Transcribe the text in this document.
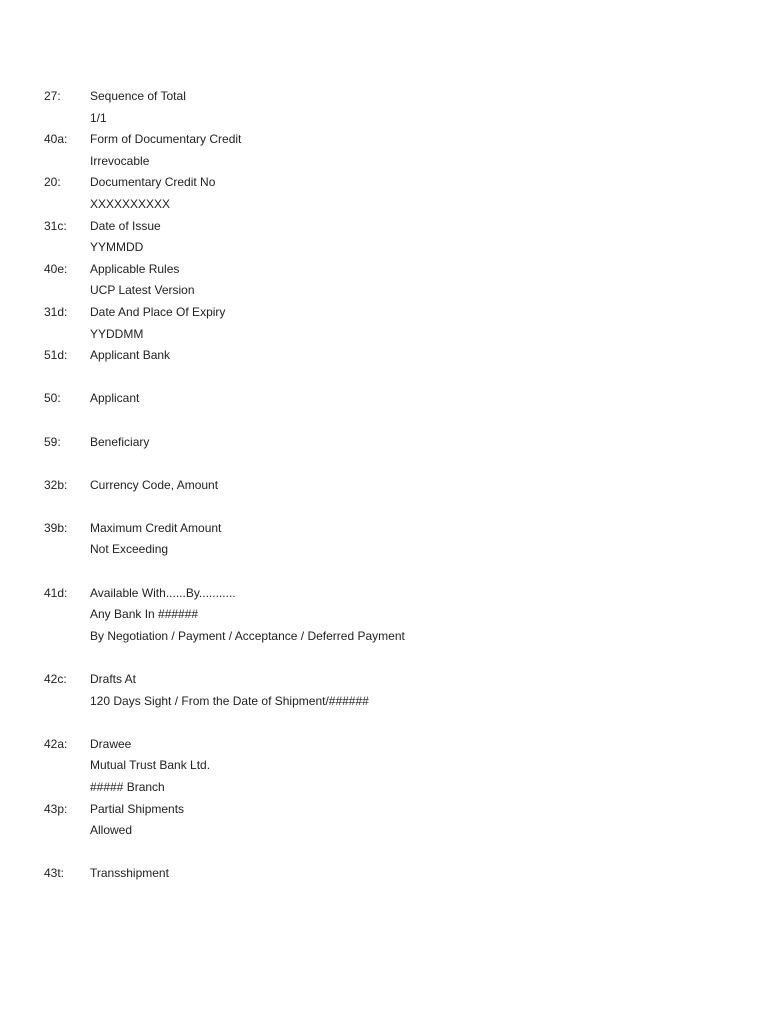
27:	Sequence of Total
1/1
40a:	Form of Documentary Credit
Irrevocable
20:	Documentary Credit No
XXXXXXXXXX
31c:	Date of Issue
YYMMDD
40e:	Applicable Rules
UCP Latest Version
31d:	Date And Place Of Expiry
YYDDMM
51d:	Applicant Bank
50:	Applicant
59:	Beneficiary
32b:	Currency Code, Amount
39b:	Maximum Credit Amount
Not Exceeding
41d:	Available With......By...........
Any Bank In ######
By Negotiation / Payment / Acceptance / Deferred Payment
42c:	Drafts At
120 Days Sight / From the Date of Shipment/######
42a:	Drawee
Mutual Trust Bank Ltd.
##### Branch
43p:	Partial Shipments
Allowed
43t:	Transshipment
